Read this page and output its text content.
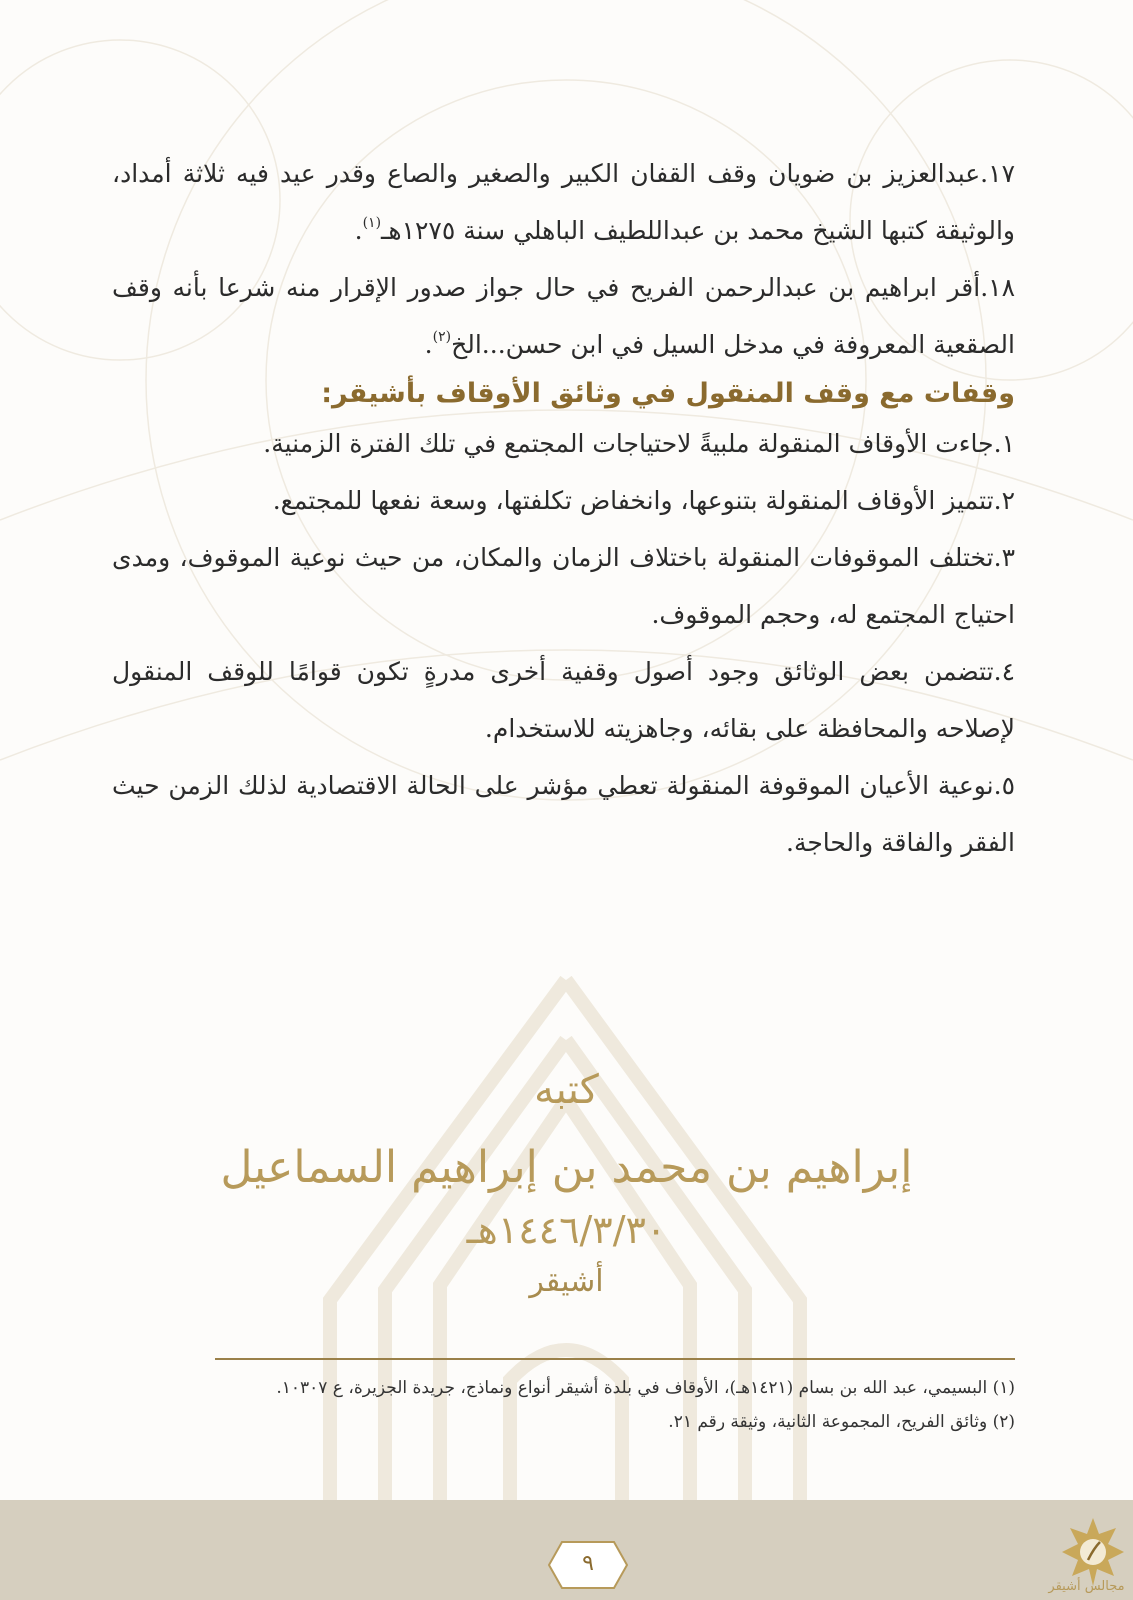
١٧.عبدالعزيز بن ضويان وقف القفان الكبير والصغير والصاع وقدر عيد فيه ثلاثة أمداد، والوثيقة كتبها الشيخ محمد بن عبداللطيف الباهلي سنة ١٢٧٥هـ$^{(١)}$.

١٨.أقر ابراهيم بن عبدالرحمن الفريح في حال جواز صدور الإقرار منه شرعا بأنه وقف الصقعية المعروفة في مدخل السيل في ابن حسن...الخ$^{(٢)}$.

وقفات مع وقف المنقول في وثائق الأوقاف بأشيقر:

١.جاءت الأوقاف المنقولة ملبيةً لاحتياجات المجتمع في تلك الفترة الزمنية.

٢.تتميز الأوقاف المنقولة بتنوعها، وانخفاض تكلفتها، وسعة نفعها للمجتمع.

٣.تختلف الموقوفات المنقولة باختلاف الزمان والمكان، من حيث نوعية الموقوف، ومدى احتياج المجتمع له، وحجم الموقوف.

٤.تتضمن بعض الوثائق وجود أصول وقفية أخرى مدرةٍ تكون قوامًا للوقف المنقول لإصلاحه والمحافظة على بقائه، وجاهزيته للاستخدام.

٥.نوعية الأعيان الموقوفة المنقولة تعطي مؤشر على الحالة الاقتصادية لذلك الزمن حيث الفقر والفاقة والحاجة.

كتبه
إبراهيم بن محمد بن إبراهيم السماعيل
١٤٤٦/٣/٣٠هـ
أشيقر

(١) البسيمي، عبد الله بن بسام (١٤٢١هـ)، الأوقاف في بلدة أشيقر أنواع ونماذج، جريدة الجزيرة، ع ١٠٣٠٧.

(٢) وثائق الفريح، المجموعة الثانية، وثيقة رقم ٢١.

٩
مجالس أشيقر
